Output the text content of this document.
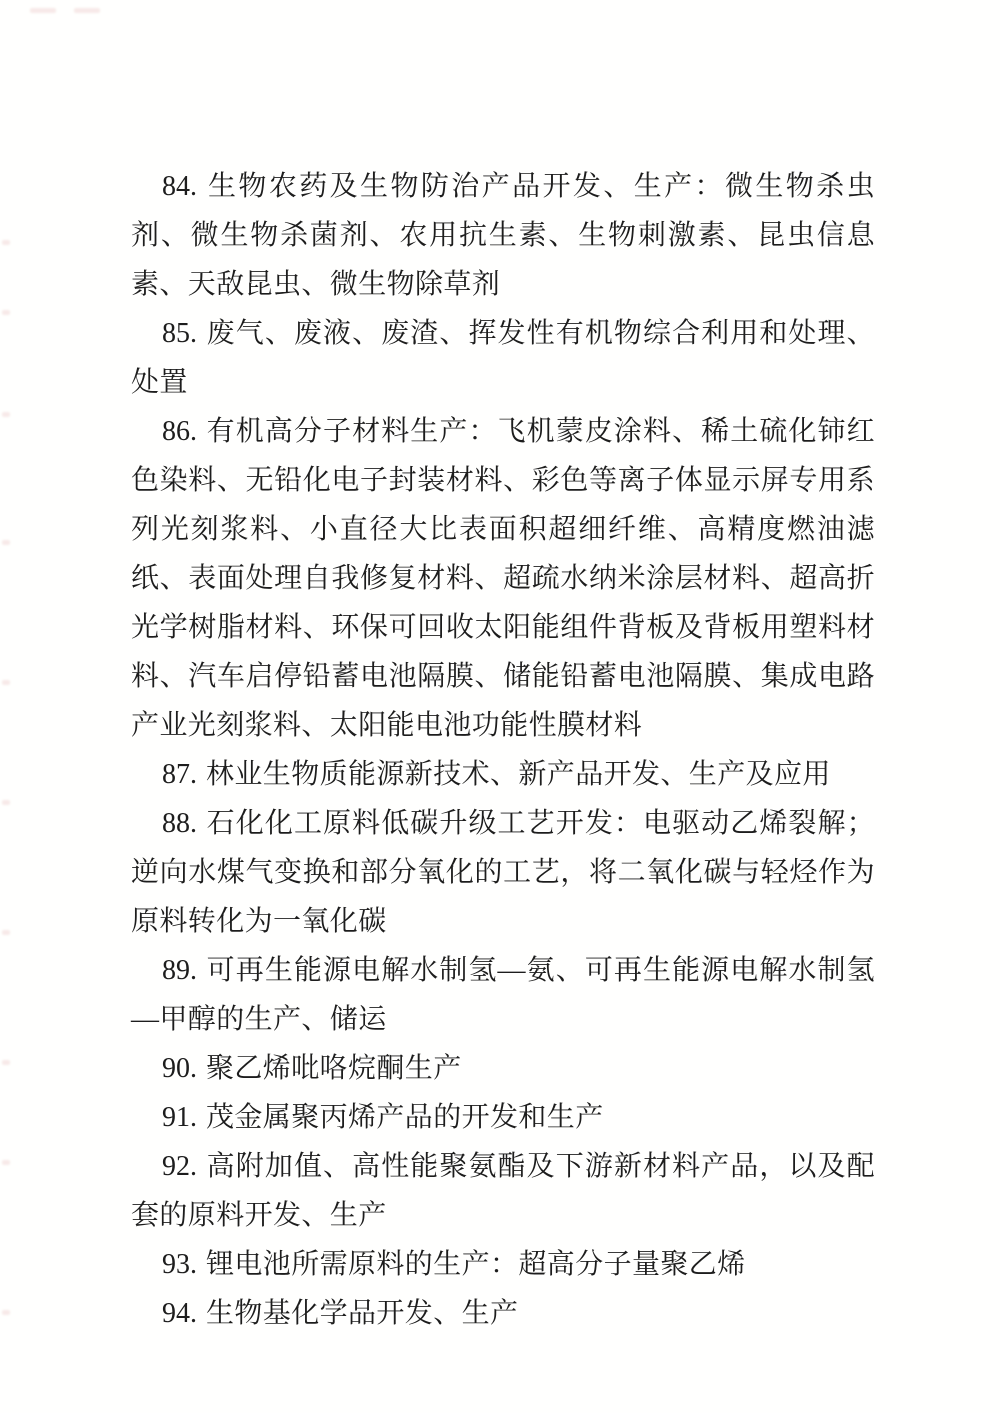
84. 生物农药及生物防治产品开发、生产：微生物杀虫剂、微生物杀菌剂、农用抗生素、生物刺激素、昆虫信息素、天敌昆虫、微生物除草剂

85. 废气、废液、废渣、挥发性有机物综合利用和处理、处置

86. 有机高分子材料生产：飞机蒙皮涂料、稀土硫化铈红色染料、无铅化电子封装材料、彩色等离子体显示屏专用系列光刻浆料、小直径大比表面积超细纤维、高精度燃油滤纸、表面处理自我修复材料、超疏水纳米涂层材料、超高折光学树脂材料、环保可回收太阳能组件背板及背板用塑料材料、汽车启停铅蓄电池隔膜、储能铅蓄电池隔膜、集成电路产业光刻浆料、太阳能电池功能性膜材料

87. 林业生物质能源新技术、新产品开发、生产及应用

88. 石化化工原料低碳升级工艺开发：电驱动乙烯裂解；逆向水煤气变换和部分氧化的工艺，将二氧化碳与轻烃作为原料转化为一氧化碳

89. 可再生能源电解水制氢—氨、可再生能源电解水制氢—甲醇的生产、储运

90. 聚乙烯吡咯烷酮生产

91. 茂金属聚丙烯产品的开发和生产

92. 高附加值、高性能聚氨酯及下游新材料产品，以及配套的原料开发、生产

93. 锂电池所需原料的生产：超高分子量聚乙烯

94. 生物基化学品开发、生产
